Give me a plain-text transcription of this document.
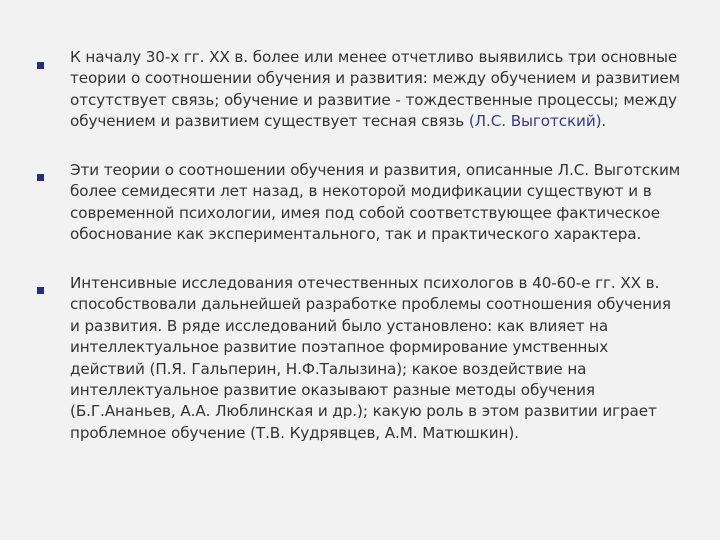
К началу 30-х гг. XX в. более или менее отчетливо выявились три основные теории о соотношении обучения и развития: между обучением и развитием отсутствует связь; обучение и развитие - тождественные процессы; между обучением и развитием существует тесная связь (Л.С. Выготский).
Эти теории о соотношении обучения и развития, описанные Л.С. Выготским более семидесяти лет назад, в некоторой модификации существуют и в современной психологии, имея под собой соответствующее фактическое обоснование как экспериментального, так и практического характера.
Интенсивные исследования отечественных психологов в 40-60-е гг. XX в. способствовали дальнейшей разработке проблемы соотношения обучения и развития. В ряде исследований было установлено: как влияет на интеллектуальное развитие поэтапное формирование умственных действий (П.Я. Гальперин, Н.Ф.Талызина); какое воздействие на интеллектуальное развитие оказывают разные методы обучения (Б.Г.Ананьев, А.А. Люблинская и др.); какую роль в этом развитии играет проблемное обучение (Т.В. Кудрявцев, А.М. Матюшкин).
